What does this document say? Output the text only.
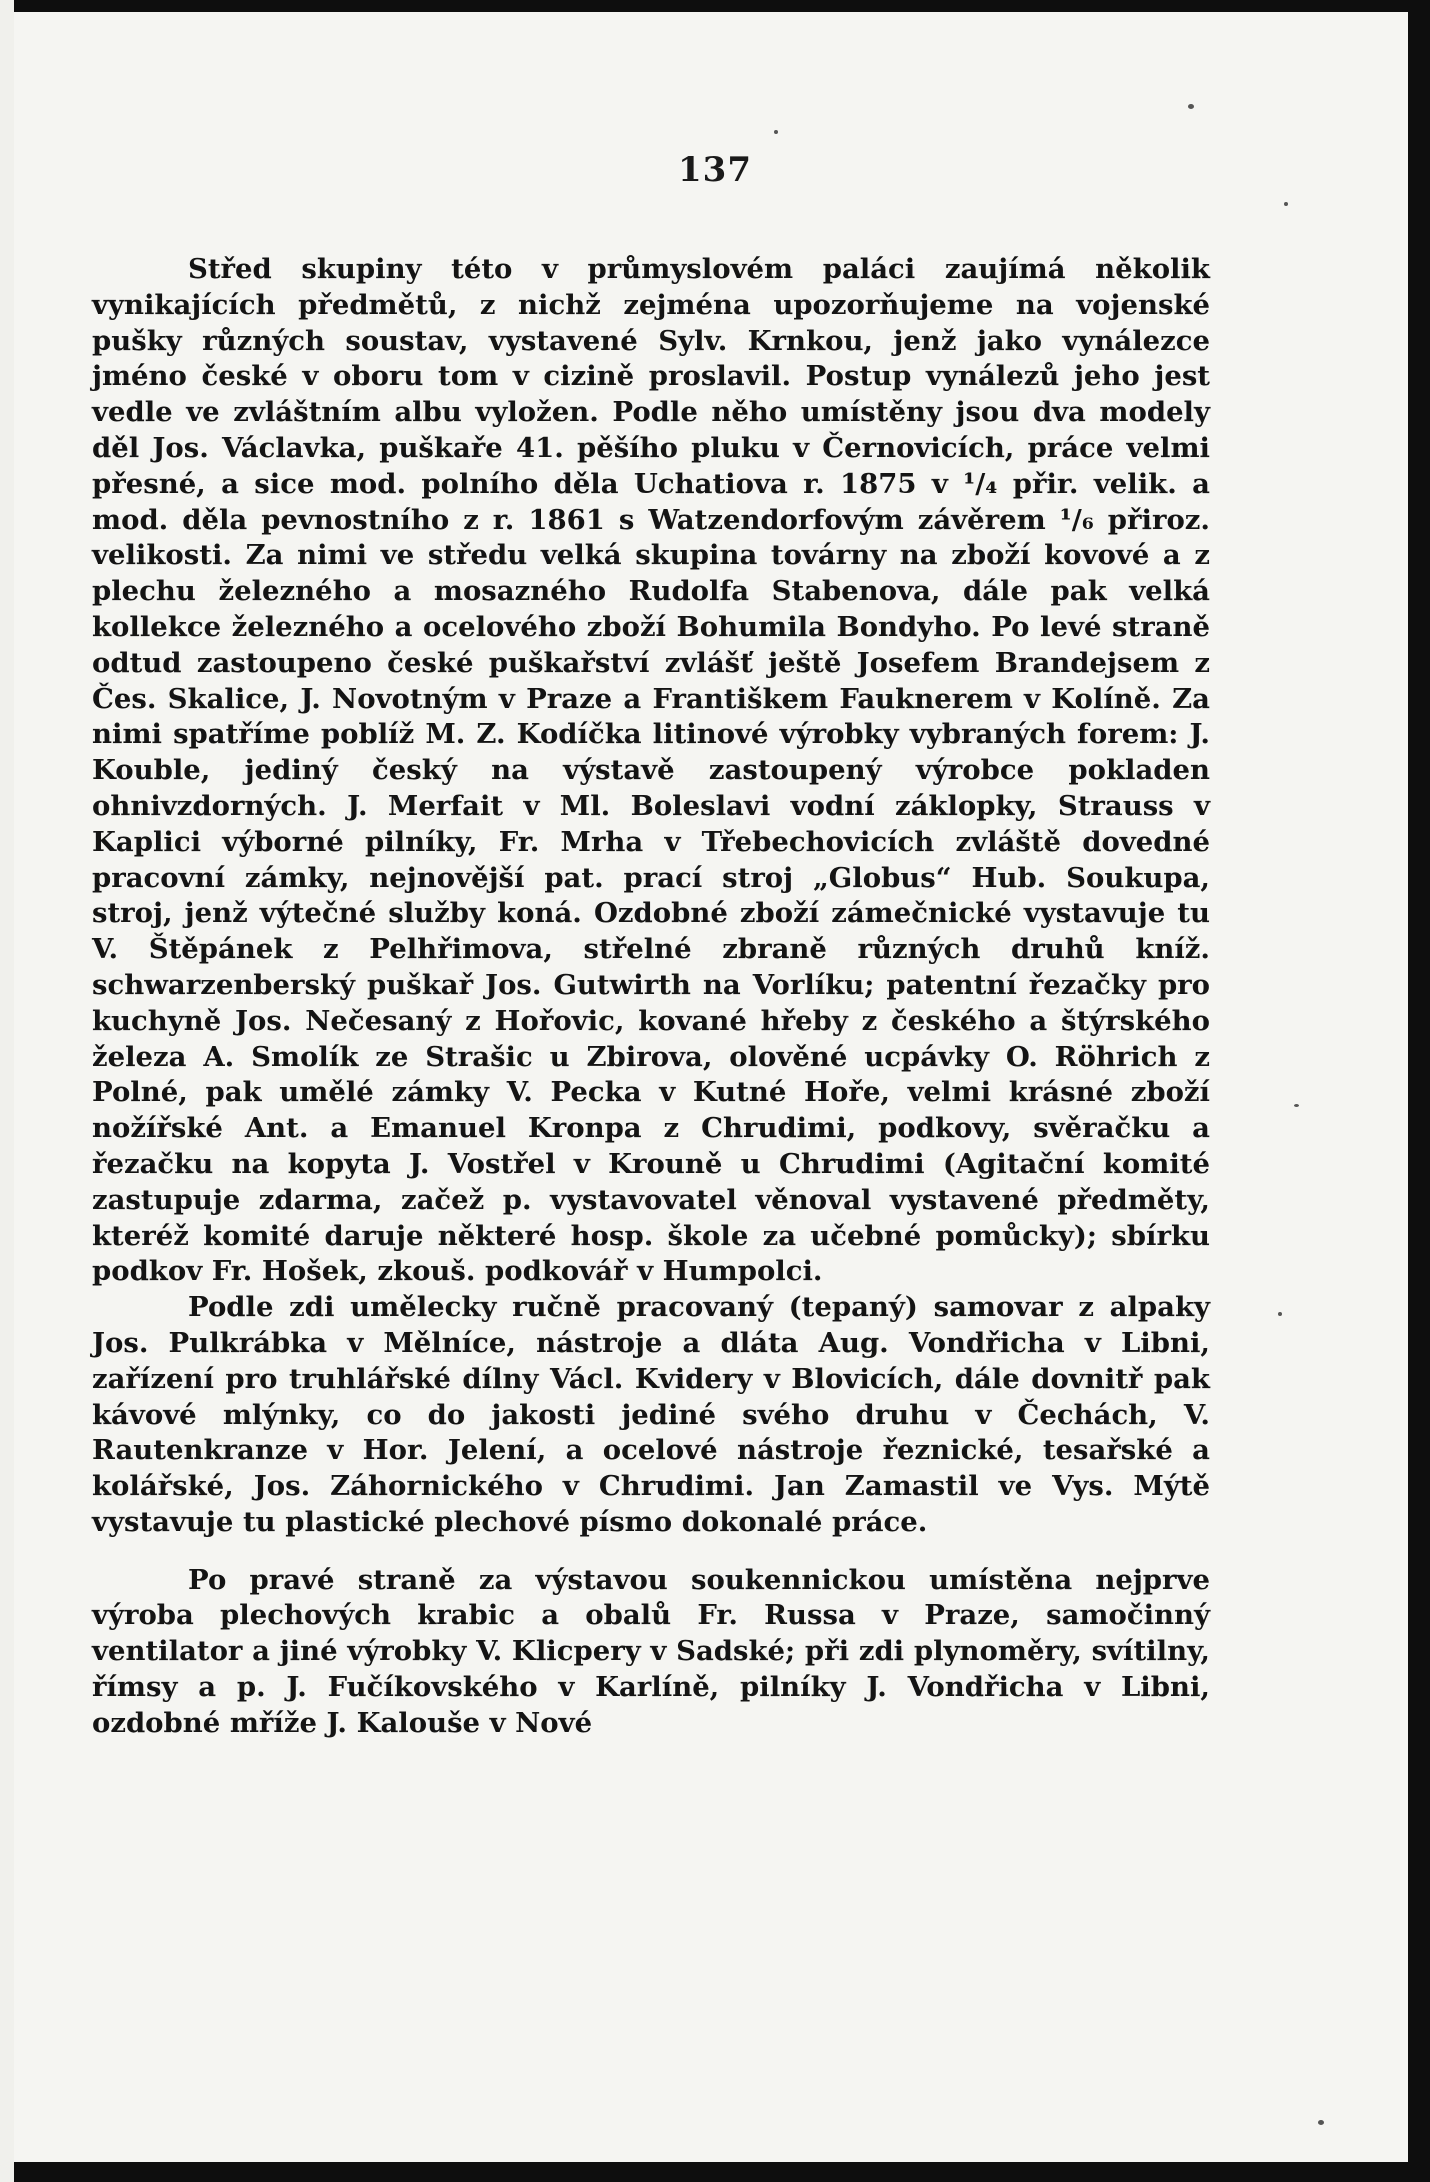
137

Střed skupiny této v průmyslovém paláci zaujímá několik vynikajících předmětů, z nichž zejména upozorňujeme na vojenské pušky různých soustav, vystavené Sylv. Krnkou, jenž jako vynálezce jméno české v oboru tom v cizině proslavil. Postup vynálezů jeho jest vedle ve zvláštním albu vyložen. Podle něho umístěny jsou dva modely děl Jos. Václavka, puškaře 41. pěšího pluku v Černovicích, práce velmi přesné, a sice mod. polního děla Uchatiova r. 1875 v ¹/₄ přir. velik. a mod. děla pevnostního z r. 1861 s Watzendorfovým závěrem ¹/₆ přiroz. velikosti. Za nimi ve středu velká skupina továrny na zboží kovové a z plechu železného a mosazného Rudolfa Stabenova, dále pak velká kollekce železného a ocelového zboží Bohumila Bondyho. Po levé straně odtud zastoupeno české puškařství zvlášť ještě Josefem Brandejsem z Čes. Skalice, J. Novotným v Praze a Františkem Fauknerem v Kolíně. Za nimi spatříme poblíž M. Z. Kodíčka litinové výrobky vybraných forem: J. Kouble, jediný český na výstavě zastoupený výrobce pokladen ohnivzdorných. J. Merfait v Ml. Boleslavi vodní záklopky, Strauss v Kaplici výborné pilníky, Fr. Mrha v Třebechovicích zvláště dovedné pracovní zámky, nejnovější pat. prací stroj „Globus“ Hub. Soukupa, stroj, jenž výtečné služby koná. Ozdobné zboží zámečnické vystavuje tu V. Štěpánek z Pelhřimova, střelné zbraně různých druhů kníž. schwarzenberský puškař Jos. Gutwirth na Vorlíku; patentní řezačky pro kuchyně Jos. Nečesaný z Hořovic, kované hřeby z českého a štýrského železa A. Smolík ze Strašic u Zbirova, olověné ucpávky O. Röhrich z Polné, pak umělé zámky V. Pecka v Kutné Hoře, velmi krásné zboží nožířské Ant. a Emanuel Kronpa z Chrudimi, podkovy, svěračku a řezačku na kopyta J. Vostřel v Krouně u Chrudimi (Agitační komité zastupuje zdarma, začež p. vystavovatel věnoval vystavené předměty, kteréž komité daruje některé hosp. škole za učebné pomůcky); sbírku podkov Fr. Hošek, zkouš. podkovář v Humpolci.

Podle zdi umělecky ručně pracovaný (tepaný) samovar z alpaky Jos. Pulkrábka v Mělníce, nástroje a dláta Aug. Vondřicha v Libni, zařízení pro truhlářské dílny Václ. Kvidery v Blovicích, dále dovnitř pak kávové mlýnky, co do jakosti jediné svého druhu v Čechách, V. Rautenkranze v Hor. Jelení, a ocelové nástroje řeznické, tesařské a kolářské, Jos. Záhornického v Chrudimi. Jan Zamastil ve Vys. Mýtě vystavuje tu plastické plechové písmo dokonalé práce.

Po pravé straně za výstavou soukennickou umístěna nejprve výroba plechových krabic a obalů Fr. Russa v Praze, samočinný ventilator a jiné výrobky V. Klicpery v Sadské; při zdi plynoměry, svítilny, římsy a p. J. Fučíkovského v Karlíně, pilníky J. Vondřicha v Libni, ozdobné mříže J. Kalouše v Nové
